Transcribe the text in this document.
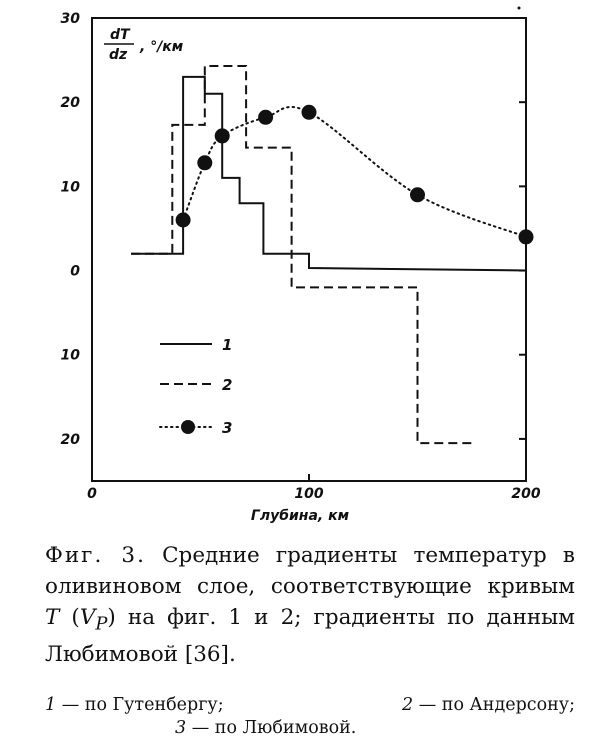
30
20
10
0
10
20
0	100	200
dT
dz , °/км
Глубина, км
1
2
3
Фиг. 3. Средние градиенты температур в оливиновом слое, соответствующие кривым T $(V_P)$ на фиг. 1 и 2; градиенты по данным Любимовой [36].
1 — по Гутенбергу;	2 — по Андерсону;
3 — по Любимовой.
